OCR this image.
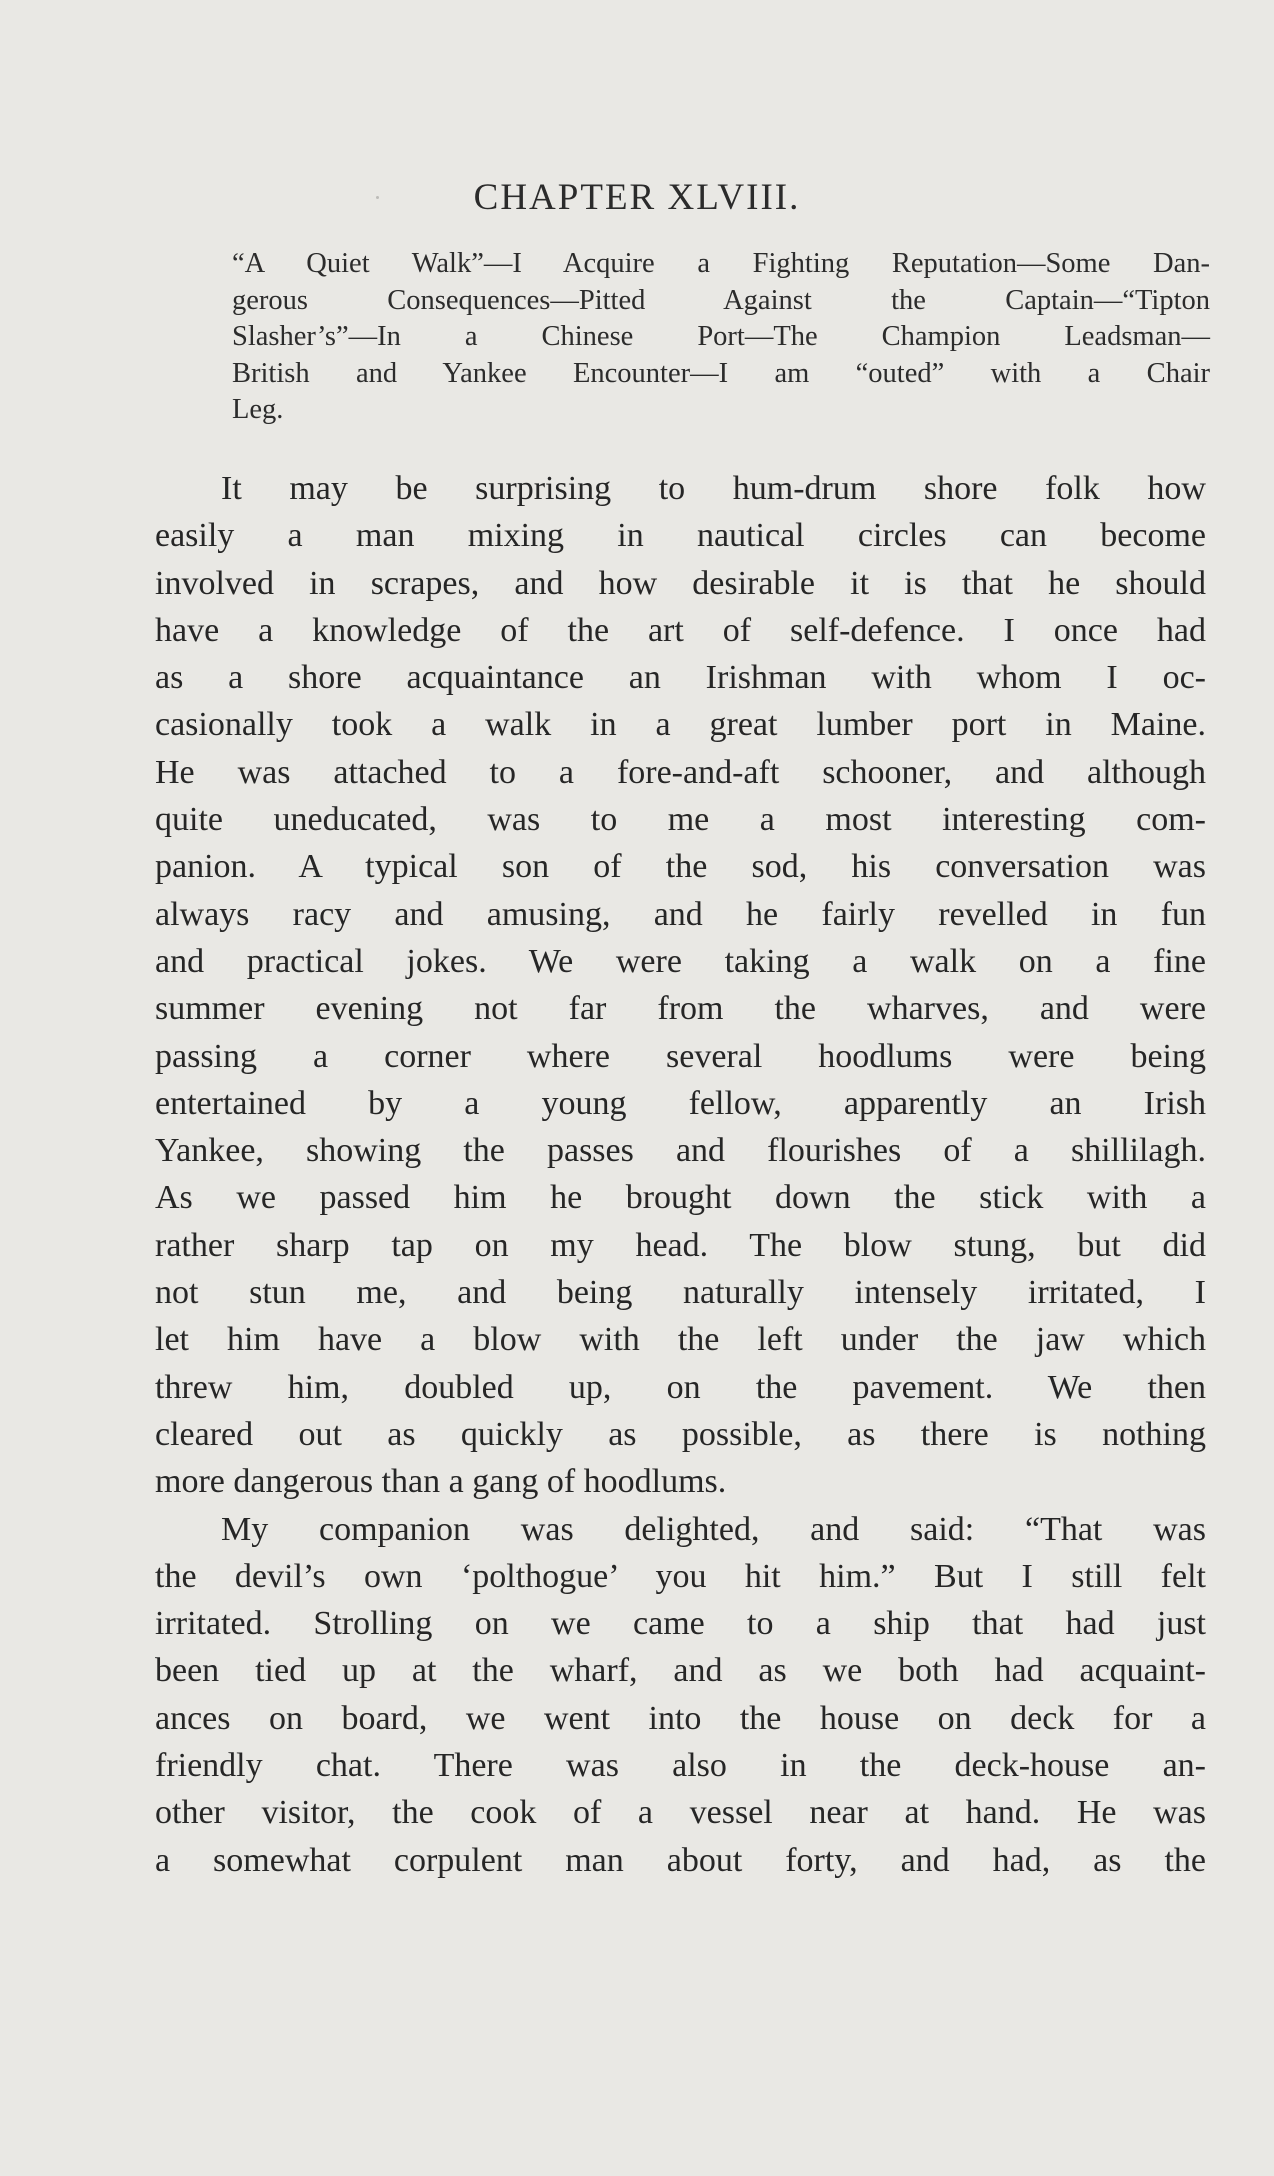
CHAPTER XLVIII.
“A Quiet Walk”—I Acquire a Fighting Reputation—Some Dan-
gerous Consequences—Pitted Against the Captain—“Tipton
Slasher’s”—In a Chinese Port—The Champion Leadsman—
British and Yankee Encounter—I am “outed” with a Chair
Leg.
It may be surprising to hum-drum shore folk how
easily a man mixing in nautical circles can become
involved in scrapes, and how desirable it is that he should
have a knowledge of the art of self-defence. I once had
as a shore acquaintance an Irishman with whom I oc-
casionally took a walk in a great lumber port in Maine.
He was attached to a fore-and-aft schooner, and although
quite uneducated, was to me a most interesting com-
panion. A typical son of the sod, his conversation was
always racy and amusing, and he fairly revelled in fun
and practical jokes. We were taking a walk on a fine
summer evening not far from the wharves, and were
passing a corner where several hoodlums were being
entertained by a young fellow, apparently an Irish
Yankee, showing the passes and flourishes of a shillilagh.
As we passed him he brought down the stick with a
rather sharp tap on my head. The blow stung, but did
not stun me, and being naturally intensely irritated, I
let him have a blow with the left under the jaw which
threw him, doubled up, on the pavement. We then
cleared out as quickly as possible, as there is nothing
more dangerous than a gang of hoodlums.
My companion was delighted, and said: “That was
the devil’s own ‘polthogue’ you hit him.” But I still felt
irritated. Strolling on we came to a ship that had just
been tied up at the wharf, and as we both had acquaint-
ances on board, we went into the house on deck for a
friendly chat. There was also in the deck-house an-
other visitor, the cook of a vessel near at hand. He was
a somewhat corpulent man about forty, and had, as the
